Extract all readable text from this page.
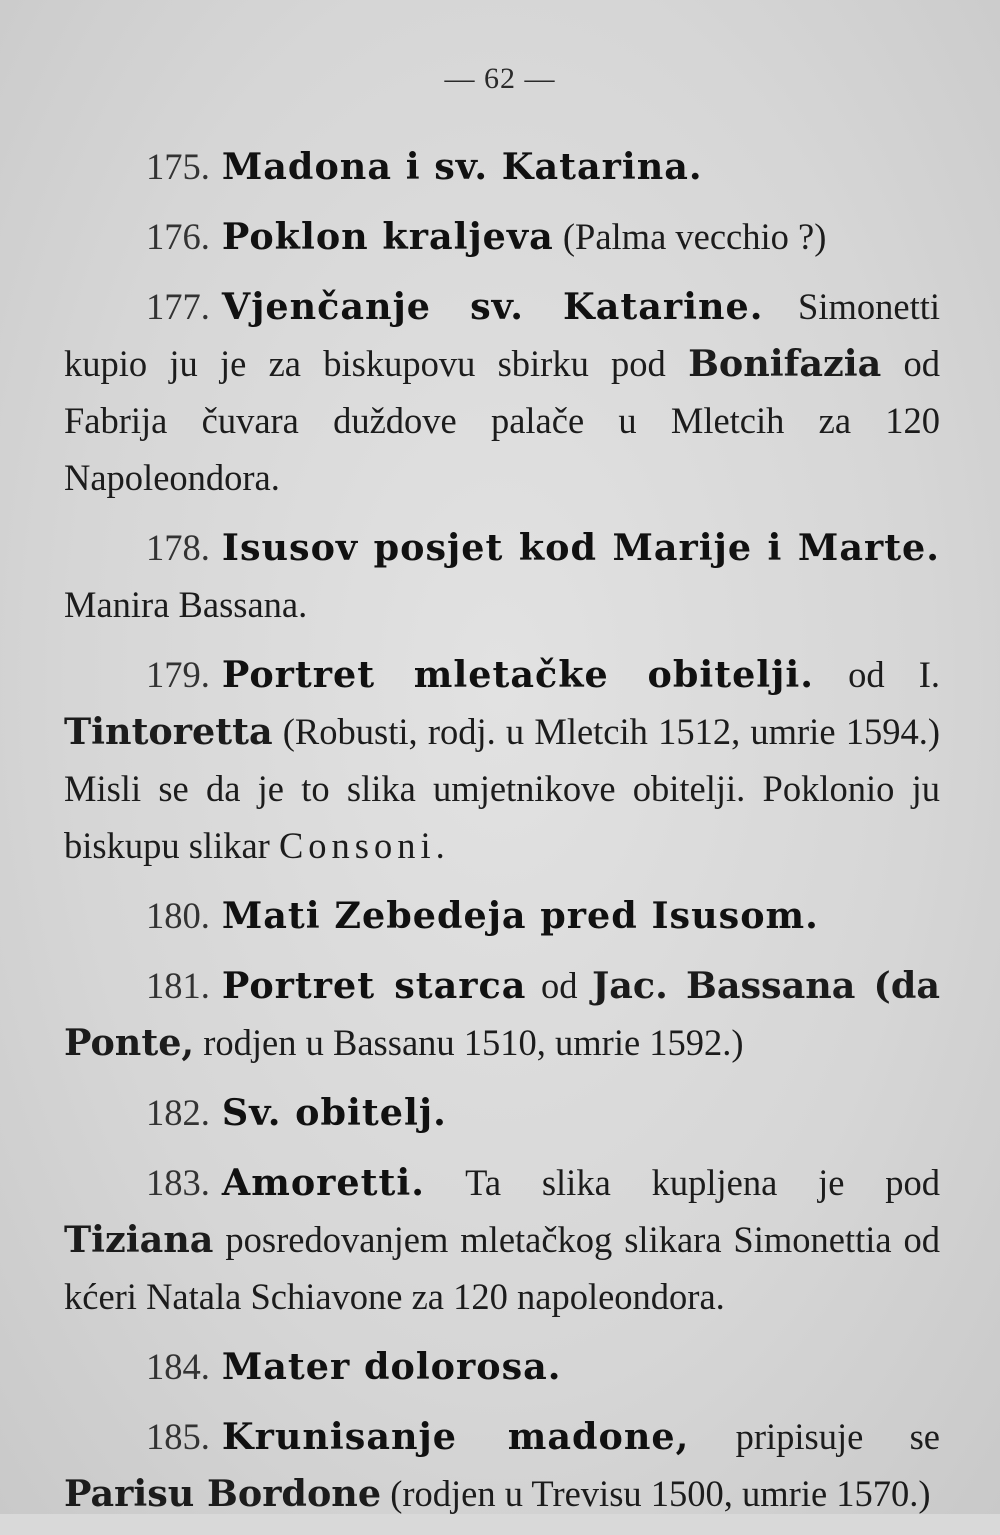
— 62 —

175. Madona i sv. Katarina.

176. Poklon kraljeva (Palma vecchio ?)

177. Vjenčanje sv. Katarine. Simonetti kupio ju je za biskupovu sbirku pod Bonifazia od Fabrija čuvara duždove palače u Mletcih za 120 Napoleondora.

178. Isusov posjet kod Marije i Marte. Manira Bassana.

179. Portret mletačke obitelji. od I. Tintoretta (Robusti, rodj. u Mletcih 1512, umrie 1594.) Misli se da je to slika umjetnikove obitelji. Poklonio ju biskupu slikar Consoni.

180. Mati Zebedeja pred Isusom.

181. Portret starca od Jac. Bassana (da Ponte, rodjen u Bassanu 1510, umrie 1592.)

182. Sv. obitelj.

183. Amoretti. Ta slika kupljena je pod Tiziana posredovanjem mletačkog slikara Simonettia od kćeri Natala Schiavone za 120 napoleondora.

184. Mater dolorosa.

185. Krunisanje madone, pripisuje se Parisu Bordone (rodjen u Trevisu 1500, umrie 1570.)
